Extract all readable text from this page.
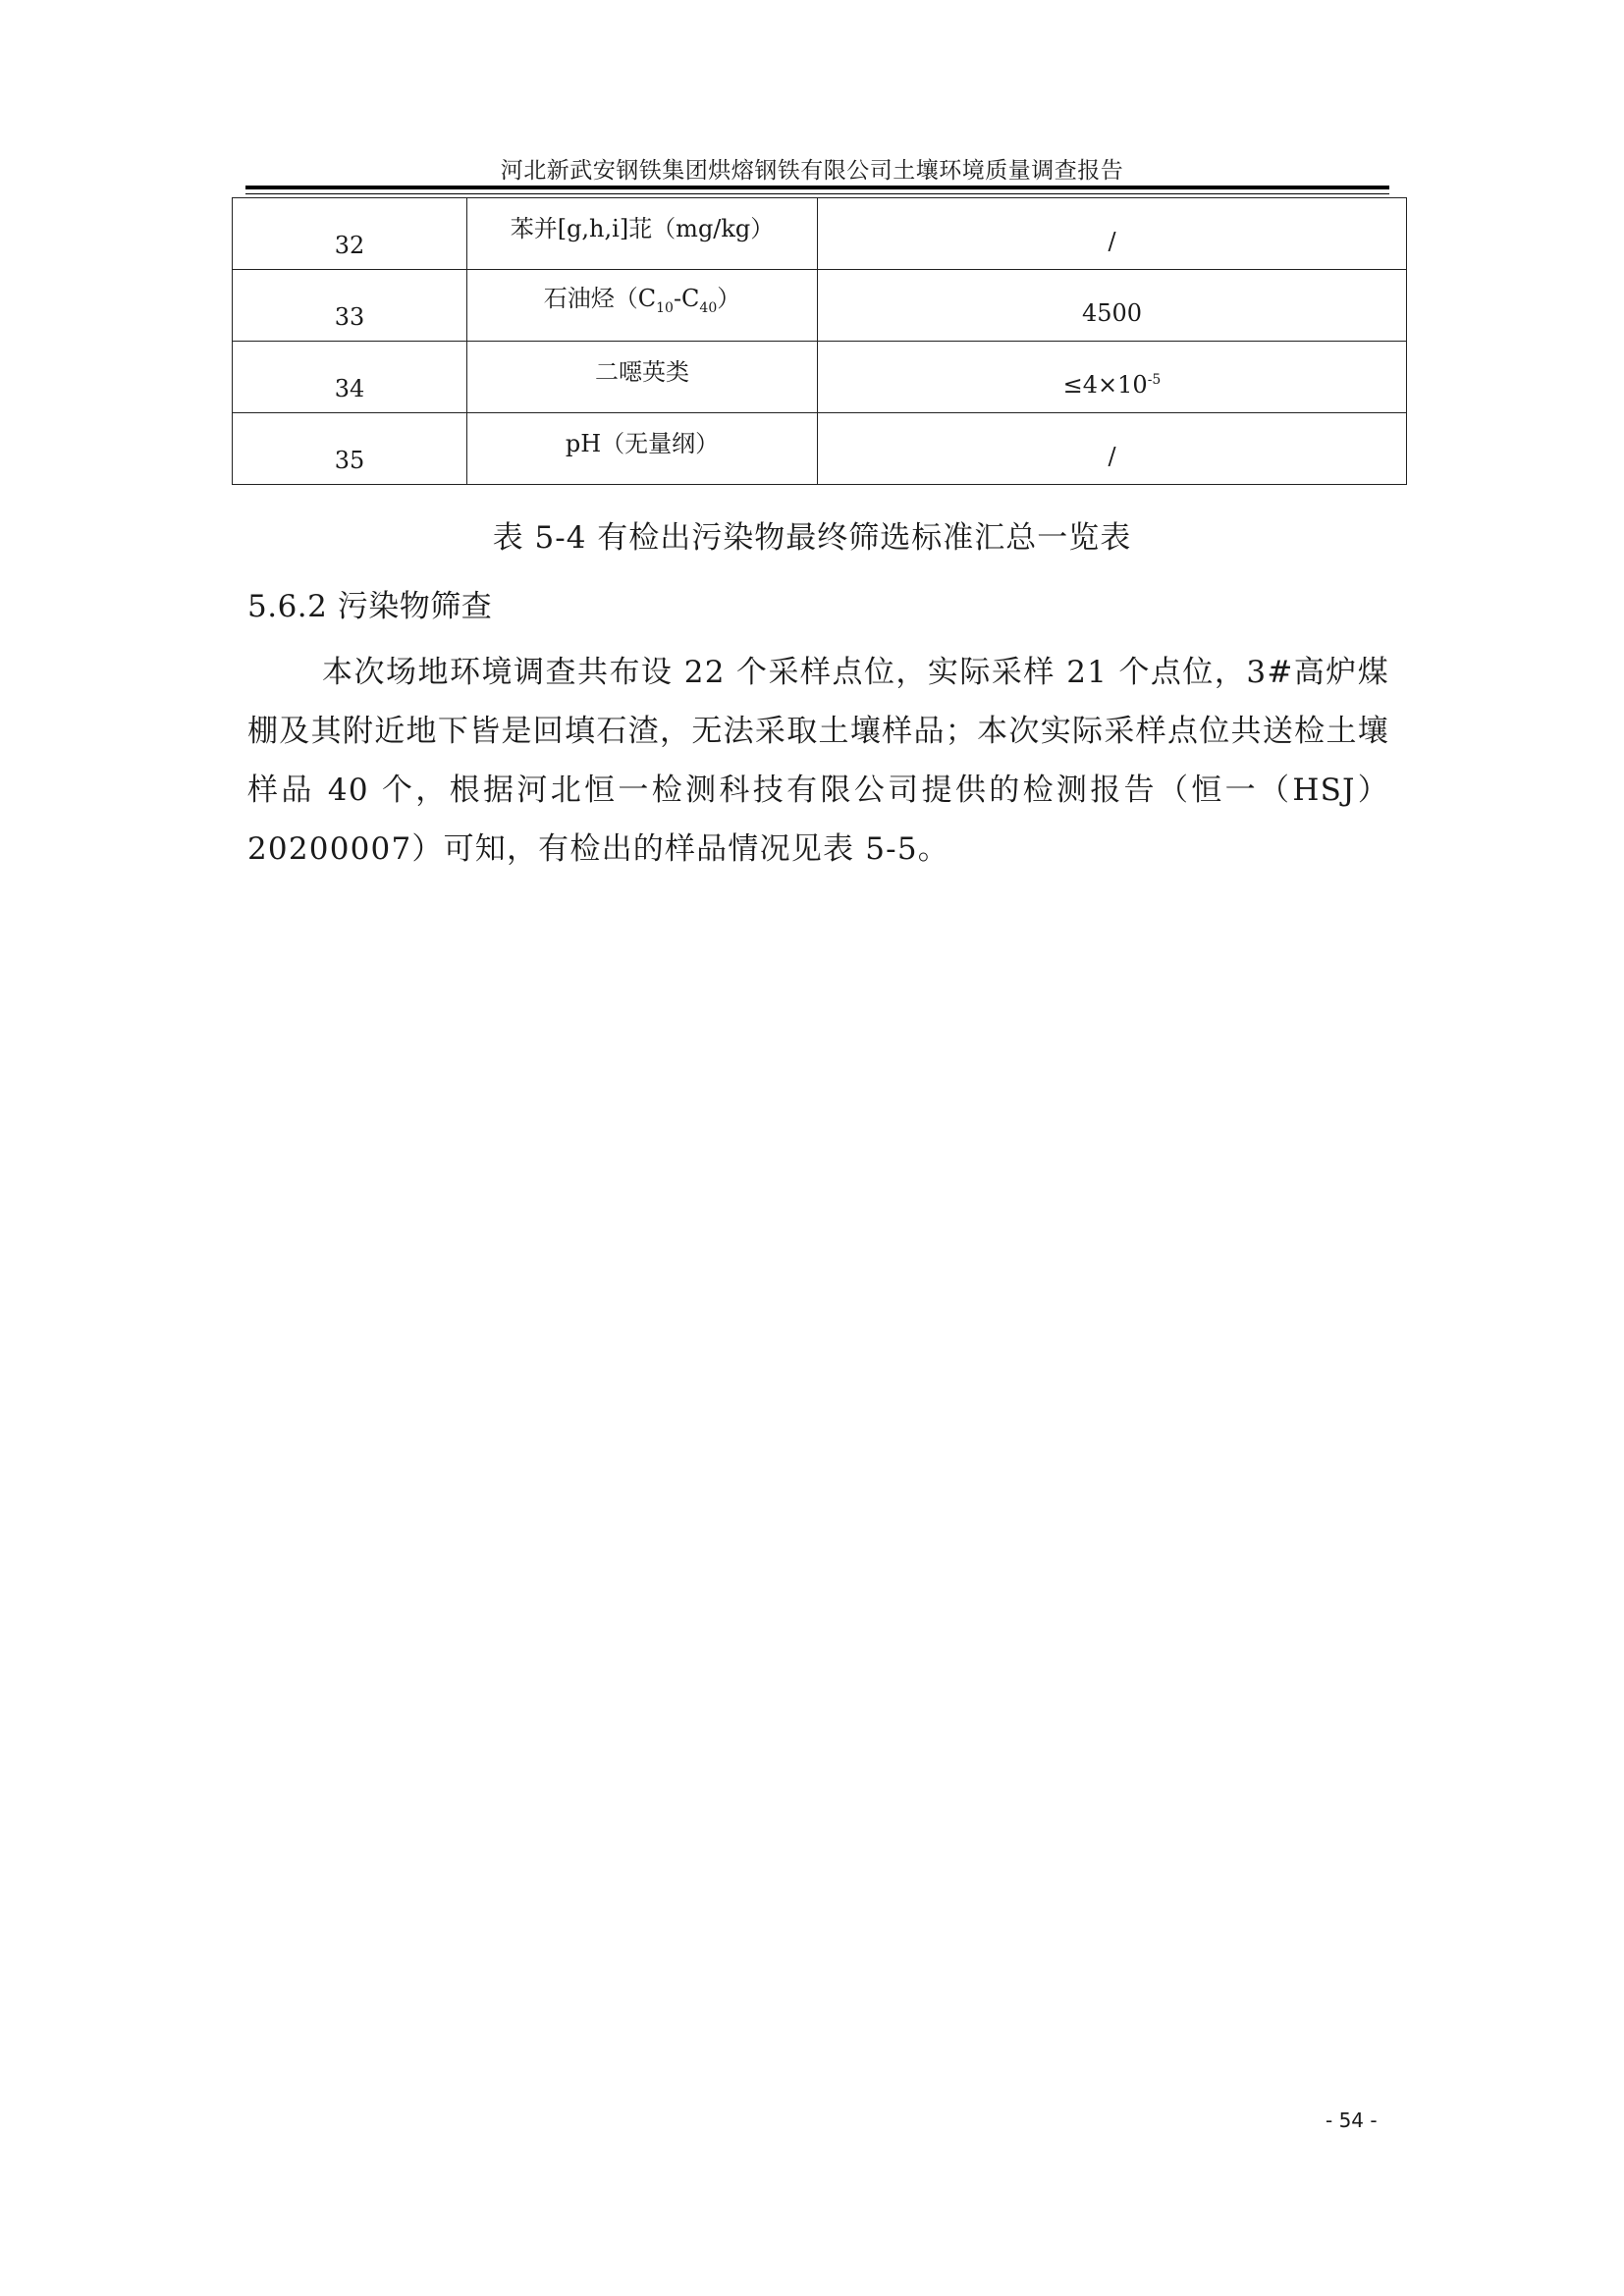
河北新武安钢铁集团烘熔钢铁有限公司土壤环境质量调查报告
32	苯并[g,h,i]苝（mg/kg）	/
33	石油烃$(C_{10}-C_{40})$	4500
34	二噁英类	$\le 4\times 10^{-5}$
35	pH（无量纲）	/
表 5-4 有检出污染物最终筛选标准汇总一览表
5.6.2 污染物筛查
本次场地环境调查共布设 22 个采样点位，实际采样 21 个点位，3#高炉煤棚及其附近地下皆是回填石渣，无法采取土壤样品；本次实际采样点位共送检土壤样品 40 个，根据河北恒一检测科技有限公司提供的检测报告（恒一（HSJ）20200007）可知，有检出的样品情况见表 5-5。
- 54 -
